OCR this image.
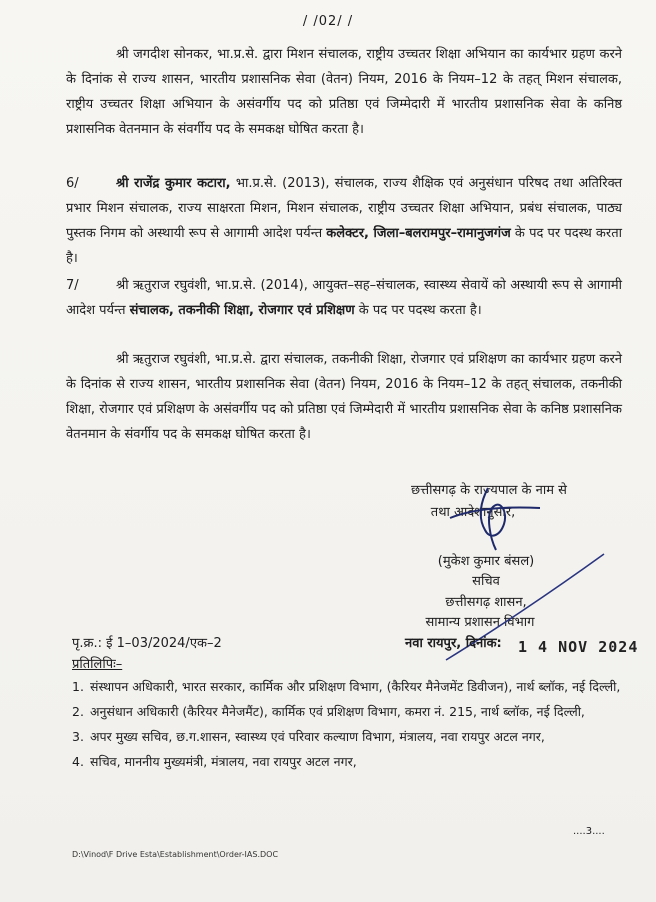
/ /02/ /

श्री जगदीश सोनकर, भा.प्र.से. द्वारा मिशन संचालक, राष्ट्रीय उच्चतर शिक्षा अभियान का कार्यभार ग्रहण करने के दिनांक से राज्य शासन, भारतीय प्रशासनिक सेवा (वेतन) नियम, 2016 के नियम–12 के तहत् मिशन संचालक, राष्ट्रीय उच्चतर शिक्षा अभियान के असंवर्गीय पद को प्रतिष्ठा एवं जिम्मेदारी में भारतीय प्रशासनिक सेवा के कनिष्ठ प्रशासनिक वेतनमान के संवर्गीय पद के समकक्ष घोषित करता है।

6/	श्री राजेंद्र कुमार कटारा, भा.प्र.से. (2013), संचालक, राज्य शैक्षिक एवं अनुसंधान परिषद तथा अतिरिक्त प्रभार मिशन संचालक, राज्य साक्षरता मिशन, मिशन संचालक, राष्ट्रीय उच्चतर शिक्षा अभियान, प्रबंध संचालक, पाठ्य पुस्तक निगम को अस्थायी रूप से आगामी आदेश पर्यन्त कलेक्टर, जिला–बलरामपुर–रामानुजगंज के पद पर पदस्थ करता है।

7/	श्री ऋतुराज रघुवंशी, भा.प्र.से. (2014), आयुक्त–सह–संचालक, स्वास्थ्य सेवायें को अस्थायी रूप से आगामी आदेश पर्यन्त संचालक, तकनीकी शिक्षा, रोजगार एवं प्रशिक्षण के पद पर पदस्थ करता है।

श्री ऋतुराज रघुवंशी, भा.प्र.से. द्वारा संचालक, तकनीकी शिक्षा, रोजगार एवं प्रशिक्षण का कार्यभार ग्रहण करने के दिनांक से राज्य शासन, भारतीय प्रशासनिक सेवा (वेतन) नियम, 2016 के नियम–12 के तहत् संचालक, तकनीकी शिक्षा, रोजगार एवं प्रशिक्षण के असंवर्गीय पद को प्रतिष्ठा एवं जिम्मेदारी में भारतीय प्रशासनिक सेवा के कनिष्ठ प्रशासनिक वेतनमान के संवर्गीय पद के समकक्ष घोषित करता है।

छत्तीसगढ़ के राज्यपाल के नाम से
तथा आदेशानुसार,
(मुकेश कुमार बंसल)
सचिव
छत्तीसगढ़ शासन,
सामान्य प्रशासन विभाग
पृ.क्र.: ई 1–03/2024/एक–2	नवा रायपुर, दिनांक: 1 4 NOV 2024
प्रतिलिपिः–
1. संस्थापन अधिकारी, भारत सरकार, कार्मिक और प्रशिक्षण विभाग, (कैरियर मैनेजमेंट डिवीजन), नार्थ ब्लॉक, नई दिल्ली,
2. अनुसंधान अधिकारी (कैरियर मैनेजमैंट), कार्मिक एवं प्रशिक्षण विभाग, कमरा नं. 215, नार्थ ब्लॉक, नई दिल्ली,
3. अपर मुख्य सचिव, छ.ग.शासन, स्वास्थ्य एवं परिवार कल्याण विभाग, मंत्रालय, नवा रायपुर अटल नगर,
4. सचिव, माननीय मुख्यमंत्री, मंत्रालय, नवा रायपुर अटल नगर,
....3....
D:\Vinod\F Drive Esta\Establishment\Order-IAS.DOC
